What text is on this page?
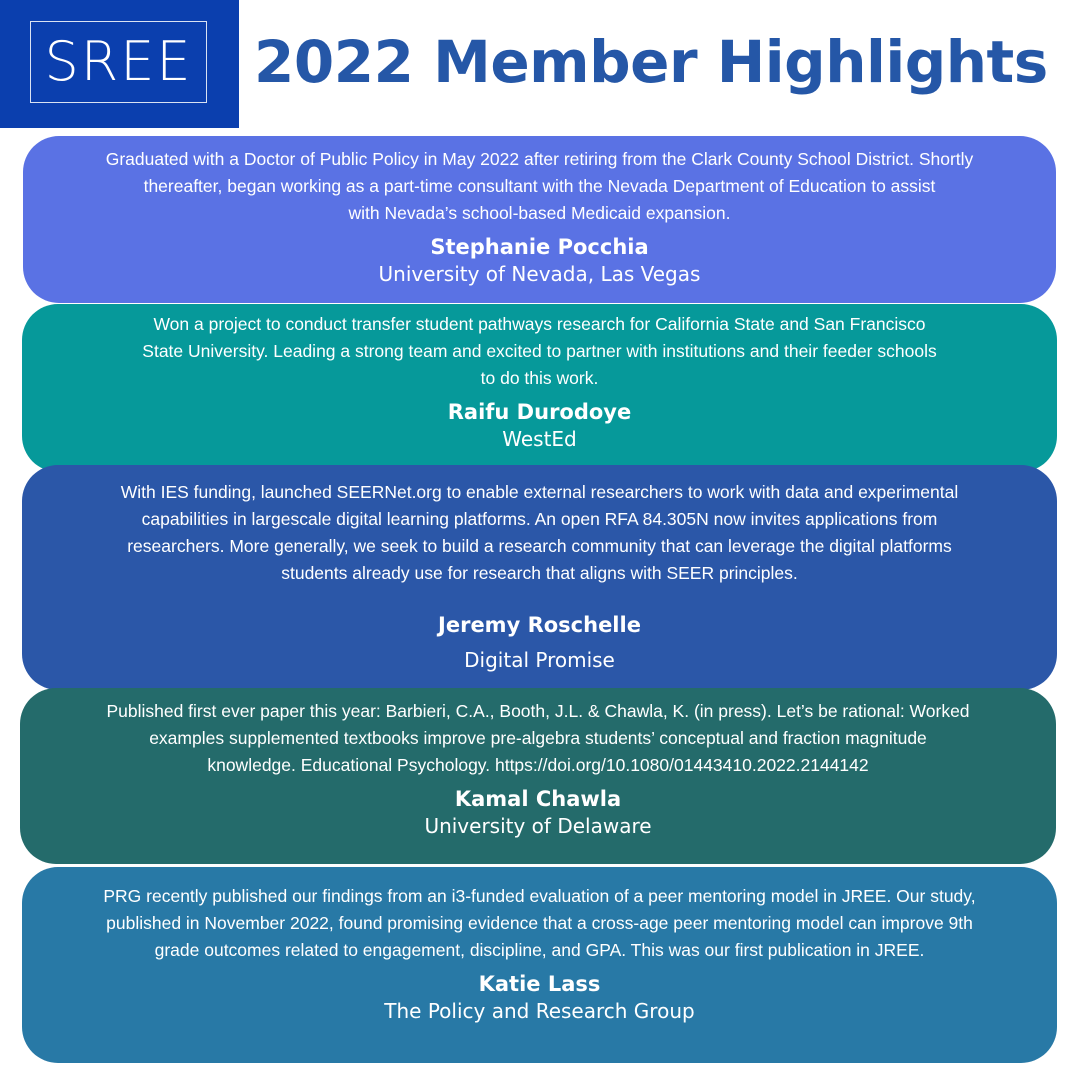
SREE 2022 Member Highlights

Graduated with a Doctor of Public Policy in May 2022 after retiring from the Clark County School District. Shortly
thereafter, began working as a part-time consultant with the Nevada Department of Education to assist
with Nevada’s school-based Medicaid expansion.

Stephanie Pocchia

University of Nevada, Las Vegas

Won a project to conduct transfer student pathways research for California State and San Francisco
State University. Leading a strong team and excited to partner with institutions and their feeder schools
to do this work.

Raifu Durodoye

WestEd

With IES funding, launched SEERNet.org to enable external researchers to work with data and experimental
capabilities in largescale digital learning platforms. An open RFA 84.305N now invites applications from
researchers. More generally, we seek to build a research community that can leverage the digital platforms
students already use for research that aligns with SEER principles.

Jeremy Roschelle

Digital Promise

Published first ever paper this year: Barbieri, C.A., Booth, J.L. & Chawla, K. (in press). Let’s be rational: Worked
examples supplemented textbooks improve pre-algebra students’ conceptual and fraction magnitude
knowledge. Educational Psychology. https://doi.org/10.1080/01443410.2022.2144142

Kamal Chawla

University of Delaware

PRG recently published our findings from an i3-funded evaluation of a peer mentoring model in JREE. Our study,
published in November 2022, found promising evidence that a cross-age peer mentoring model can improve 9th
grade outcomes related to engagement, discipline, and GPA. This was our first publication in JREE.

Katie Lass

The Policy and Research Group
